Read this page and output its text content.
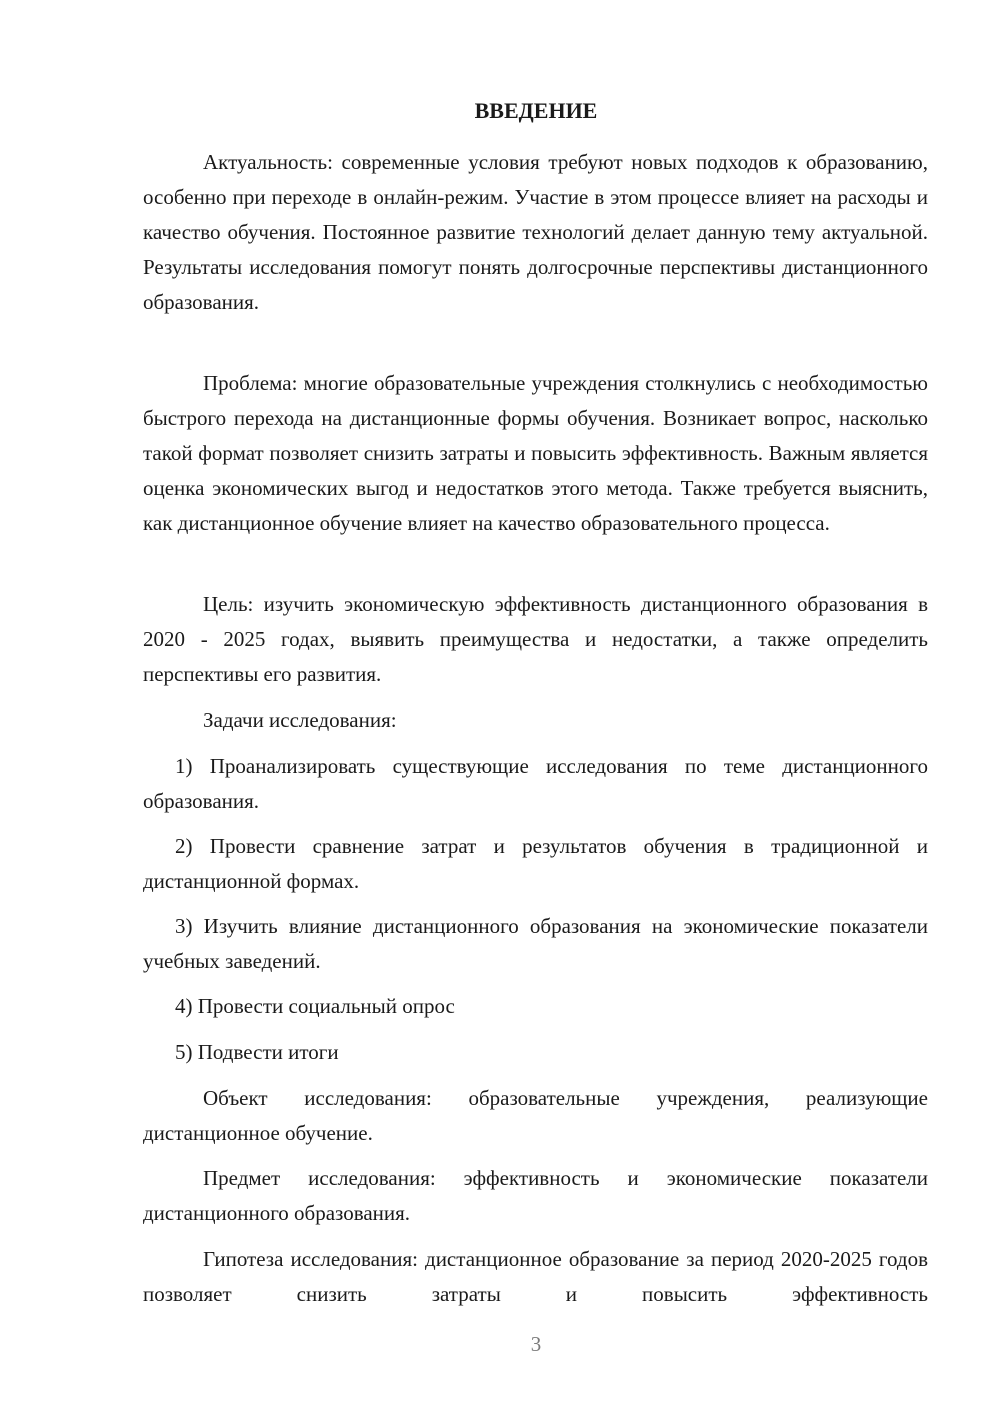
ВВЕДЕНИЕ

Актуальность: современные условия требуют новых подходов к образованию, особенно при переходе в онлайн-режим. Участие в этом процессе влияет на расходы и качество обучения. Постоянное развитие технологий делает данную тему актуальной. Результаты исследования помогут понять долгосрочные перспективы дистанционного образования.

Проблема: многие образовательные учреждения столкнулись с необходимостью быстрого перехода на дистанционные формы обучения. Возникает вопрос, насколько такой формат позволяет снизить затраты и повысить эффективность. Важным является оценка экономических выгод и недостатков этого метода. Также требуется выяснить, как дистанционное обучение влияет на качество образовательного процесса.

Цель: изучить экономическую эффективность дистанционного образования в 2020 - 2025 годах, выявить преимущества и недостатки, а также определить перспективы его развития.

Задачи исследования:

1) Проанализировать существующие исследования по теме дистанционного образования.

2) Провести сравнение затрат и результатов обучения в традиционной и дистанционной формах.

3) Изучить влияние дистанционного образования на экономические показатели учебных заведений.

4) Провести социальный опрос

5) Подвести итоги

Объект исследования: образовательные учреждения, реализующие дистанционное обучение.

Предмет исследования: эффективность и экономические показатели дистанционного образования.

Гипотеза исследования: дистанционное образование за период 2020-2025 годов позволяет снизить затраты и повысить эффективность

3
